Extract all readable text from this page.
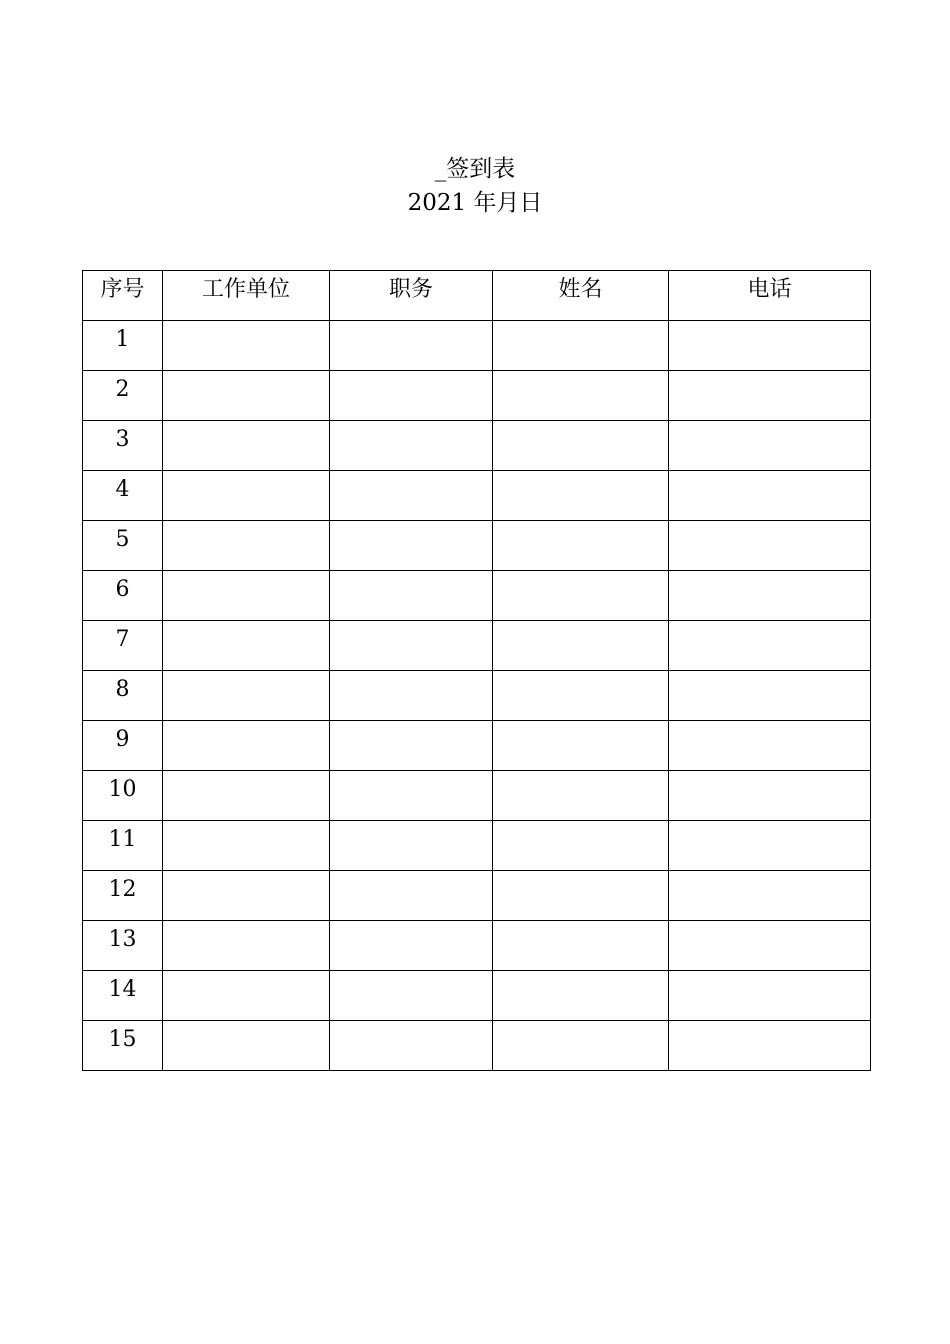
_签到表
2021 年月日
序号	工作单位	职务	姓名	电话
1				
2				
3				
4				
5				
6				
7				
8				
9				
10				
11				
12				
13				
14				
15				
